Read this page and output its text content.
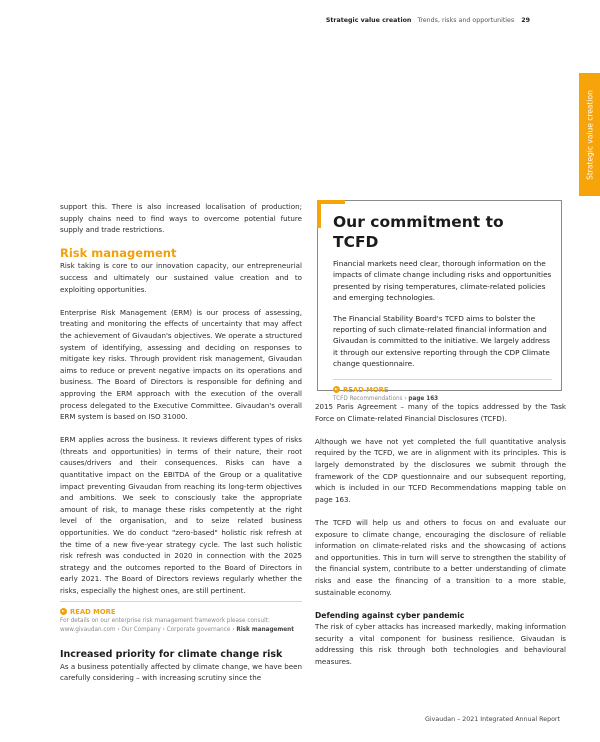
Strategic value creation Trends, risks and opportunities 29
Strategic value creation

support this. There is also increased localisation of production; supply chains need to find ways to overcome potential future supply and trade restrictions.

Risk management

Risk taking is core to our innovation capacity, our entrepreneurial success and ultimately our sustained value creation and to exploiting opportunities.

Enterprise Risk Management (ERM) is our process of assessing, treating and monitoring the effects of uncertainty that may affect the achievement of Givaudan's objectives. We operate a structured system of identifying, assessing and deciding on responses to mitigate key risks. Through provident risk management, Givaudan aims to reduce or prevent negative impacts on its operations and business. The Board of Directors is responsible for defining and approving the ERM approach with the execution of the overall process delegated to the Executive Committee. Givaudan's overall ERM system is based on ISO 31000.

ERM applies across the business. It reviews different types of risks (threats and opportunities) in terms of their nature, their root causes/drivers and their consequences. Risks can have a quantitative impact on the EBITDA of the Group or a qualitative impact preventing Givaudan from reaching its long-term objectives and ambitions. We seek to consciously take the appropriate amount of risk, to manage these risks competently at the right level of the organisation, and to seize related business opportunities. We do conduct "zero-based" holistic risk refresh at the time of a new five-year strategy cycle. The last such holistic risk refresh was conducted in 2020 in connection with the 2025 strategy and the outcomes reported to the Board of Directors in early 2021. The Board of Directors reviews regularly whether the risks, especially the highest ones, are still pertinent.

READ MORE
For details on our enterprise risk management framework please consult:
www.givaudan.com › Our Company › Corporate governance › Risk management
Increased priority for climate change risk

As a business potentially affected by climate change, we have been carefully considering – with increasing scrutiny since the

Our commitment to TCFD

Financial markets need clear, thorough information on the impacts of climate change including risks and opportunities presented by rising temperatures, climate-related policies and emerging technologies.

The Financial Stability Board's TCFD aims to bolster the reporting of such climate-related financial information and Givaudan is committed to the initiative. We largely address it through our extensive reporting through the CDP Climate change questionnaire.

READ MORE
TCFD Recommendations › page 163

2015 Paris Agreement – many of the topics addressed by the Task Force on Climate-related Financial Disclosures (TCFD).

Although we have not yet completed the full quantitative analysis required by the TCFD, we are in alignment with its principles. This is largely demonstrated by the disclosures we submit through the framework of the CDP questionnaire and our subsequent reporting, which is included in our TCFD Recommendations mapping table on page 163.

The TCFD will help us and others to focus on and evaluate our exposure to climate change, encouraging the disclosure of reliable information on climate-related risks and the showcasing of actions and opportunities. This in turn will serve to strengthen the stability of the financial system, contribute to a better understanding of climate risks and ease the financing of a transition to a more stable, sustainable economy.

Defending against cyber pandemic

The risk of cyber attacks has increased markedly, making information security a vital component for business resilience. Givaudan is addressing this risk through both technologies and behavioural measures.

Givaudan – 2021 Integrated Annual Report
